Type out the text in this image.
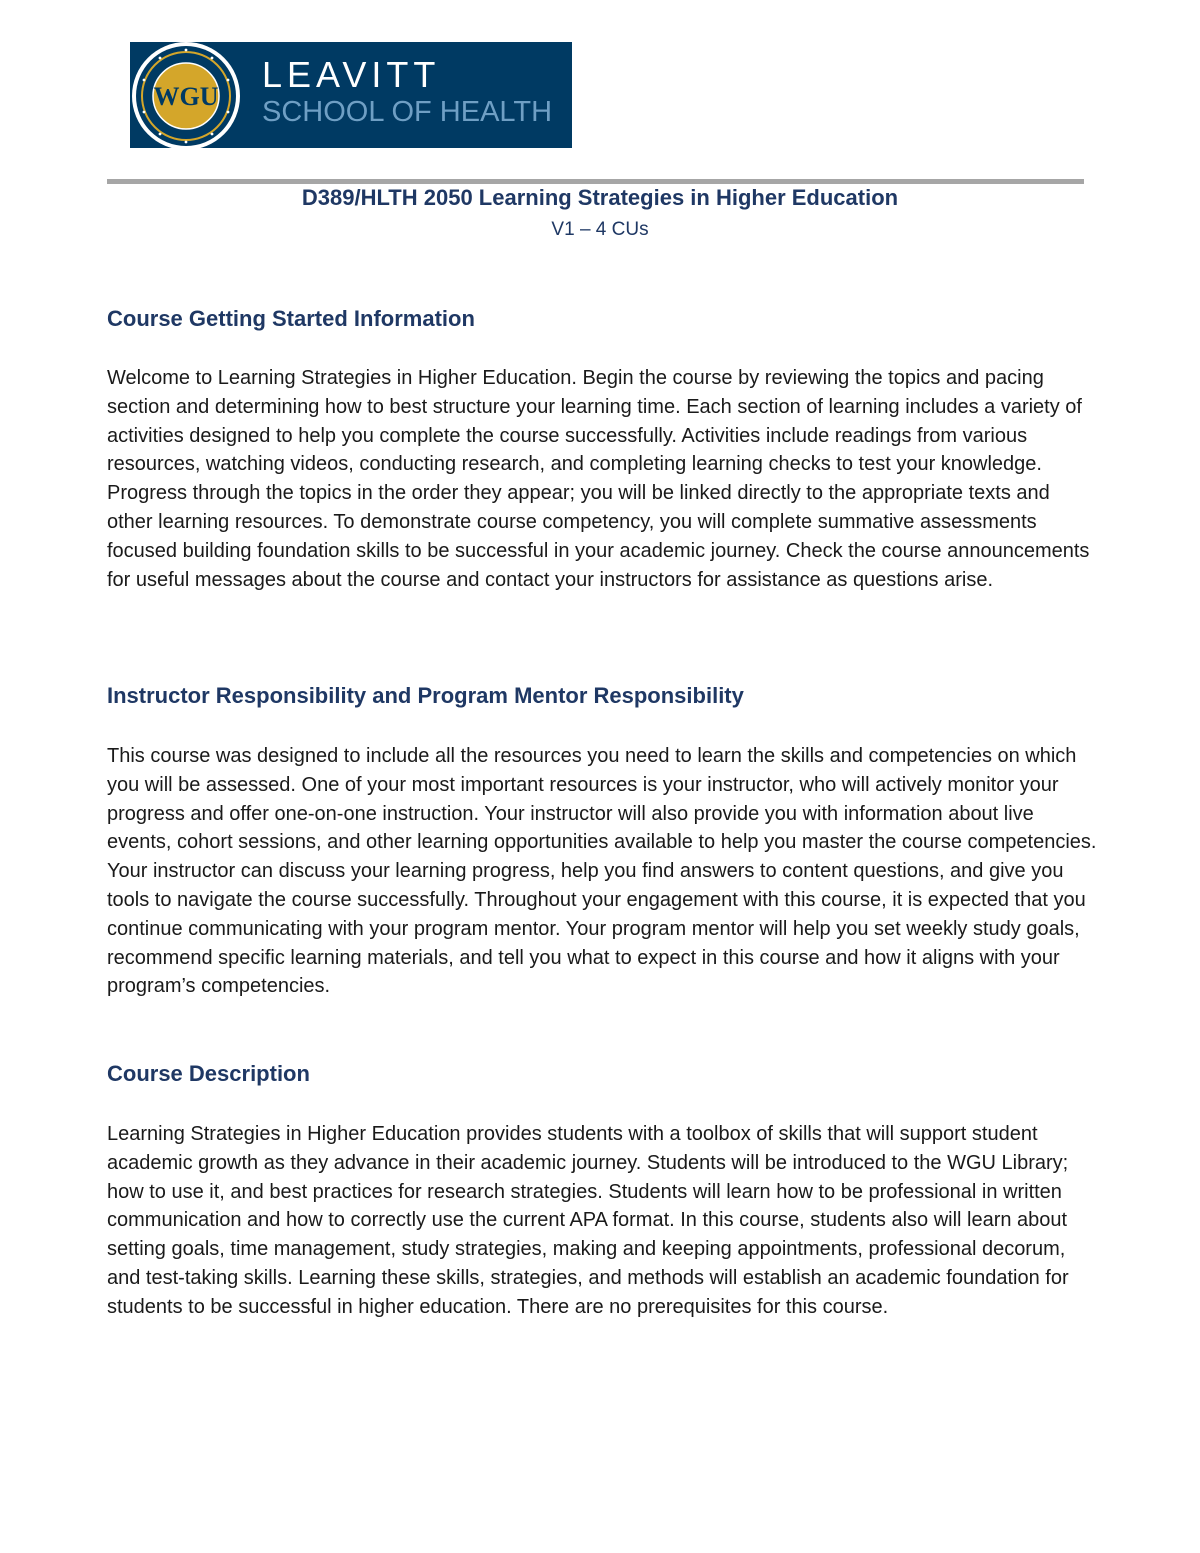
WGU
LEAVITT
SCHOOL OF HEALTH
D389/HLTH 2050 Learning Strategies in Higher Education
V1 – 4 CUs
Course Getting Started Information

Welcome to Learning Strategies in Higher Education. Begin the course by reviewing the topics and pacing section and determining how to best structure your learning time. Each section of learning includes a variety of activities designed to help you complete the course successfully. Activities include readings from various resources, watching videos, conducting research, and completing learning checks to test your knowledge. Progress through the topics in the order they appear; you will be linked directly to the appropriate texts and other learning resources. To demonstrate course competency, you will complete summative assessments focused building foundation skills to be successful in your academic journey. Check the course announcements for useful messages about the course and contact your instructors for assistance as questions arise.

Instructor Responsibility and Program Mentor Responsibility

This course was designed to include all the resources you need to learn the skills and competencies on which you will be assessed. One of your most important resources is your instructor, who will actively monitor your progress and offer one-on-one instruction. Your instructor will also provide you with information about live events, cohort sessions, and other learning opportunities available to help you master the course competencies. Your instructor can discuss your learning progress, help you find answers to content questions, and give you tools to navigate the course successfully. Throughout your engagement with this course, it is expected that you continue communicating with your program mentor. Your program mentor will help you set weekly study goals, recommend specific learning materials, and tell you what to expect in this course and how it aligns with your program’s competencies.

Course Description

Learning Strategies in Higher Education provides students with a toolbox of skills that will support student academic growth as they advance in their academic journey. Students will be introduced to the WGU Library; how to use it, and best practices for research strategies. Students will learn how to be professional in written communication and how to correctly use the current APA format. In this course, students also will learn about setting goals, time management, study strategies, making and keeping appointments, professional decorum, and test-taking skills. Learning these skills, strategies, and methods will establish an academic foundation for students to be successful in higher education. There are no prerequisites for this course.
